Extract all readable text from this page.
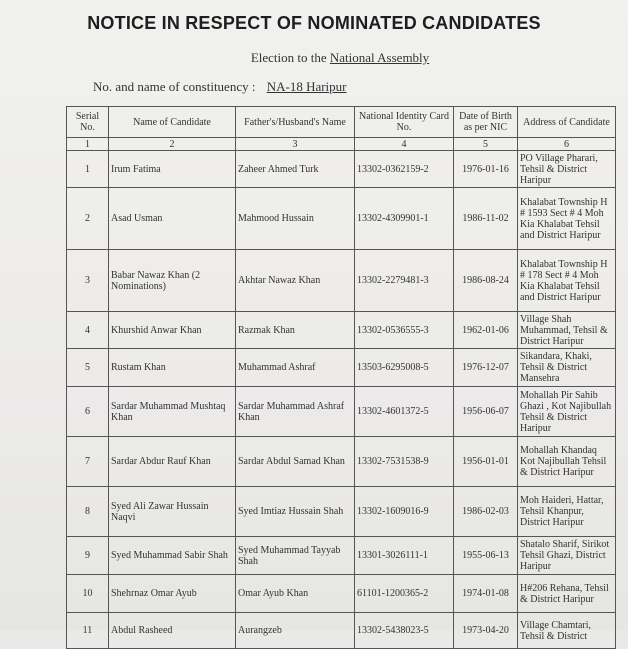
NOTICE IN RESPECT OF NOMINATED CANDIDATES
Election to the National Assembly
No. and name of constituency : NA-18 Haripur
Serial No.	Name of Candidate	Father's/Husband's Name	National Identity Card No.	Date of Birth as per NIC	Address of Candidate
1	2	3	4	5	6
1	Irum Fatima	Zaheer Ahmed Turk	13302-0362159-2	1976-01-16	PO Village Pharari, Tehsil & District Haripur
2	Asad Usman	Mahmood Hussain	13302-4309901-1	1986-11-02	Khalabat Township H # 1593 Sect # 4 Moh Kia Khalabat Tehsil and District Haripur
3	Babar Nawaz Khan (2 Nominations)	Akhtar Nawaz Khan	13302-2279481-3	1986-08-24	Khalabat Township H # 178 Sect # 4 Moh Kia Khalabat Tehsil and District Haripur
4	Khurshid Anwar Khan	Razmak Khan	13302-0536555-3	1962-01-06	Village Shah Muhammad, Tehsil & District Haripur
5	Rustam Khan	Muhammad Ashraf	13503-6295008-5	1976-12-07	Sikandara, Khaki, Tehsil & District Mansehra
6	Sardar Muhammad Mushtaq Khan	Sardar Muhammad Ashraf Khan	13302-4601372-5	1956-06-07	Mohallah Pir Sahib Ghazi , Kot Najibullah Tehsil & District Haripur
7	Sardar Abdur Rauf Khan	Sardar Abdul Samad Khan	13302-7531538-9	1956-01-01	Mohallah Khandaq Kot Najibullah Tehsil & District Haripur
8	Syed Ali Zawar Hussain Naqvi	Syed Imtiaz Hussain Shah	13302-1609016-9	1986-02-03	Moh Haideri, Hattar, Tehsil Khanpur, District Haripur
9	Syed Muhammad Sabir Shah	Syed Muhammad Tayyab Shah	13301-3026111-1	1955-06-13	Shatalo Sharif, Sirikot Tehsil Ghazi, District Haripur
10	Shehrnaz Omar Ayub	Omar Ayub Khan	61101-1200365-2	1974-01-08	H#206 Rehana, Tehsil & District Haripur
11	Abdul Rasheed	Aurangzeb	13302-5438023-5	1973-04-20	Village Chamtari, Tehsil & District
